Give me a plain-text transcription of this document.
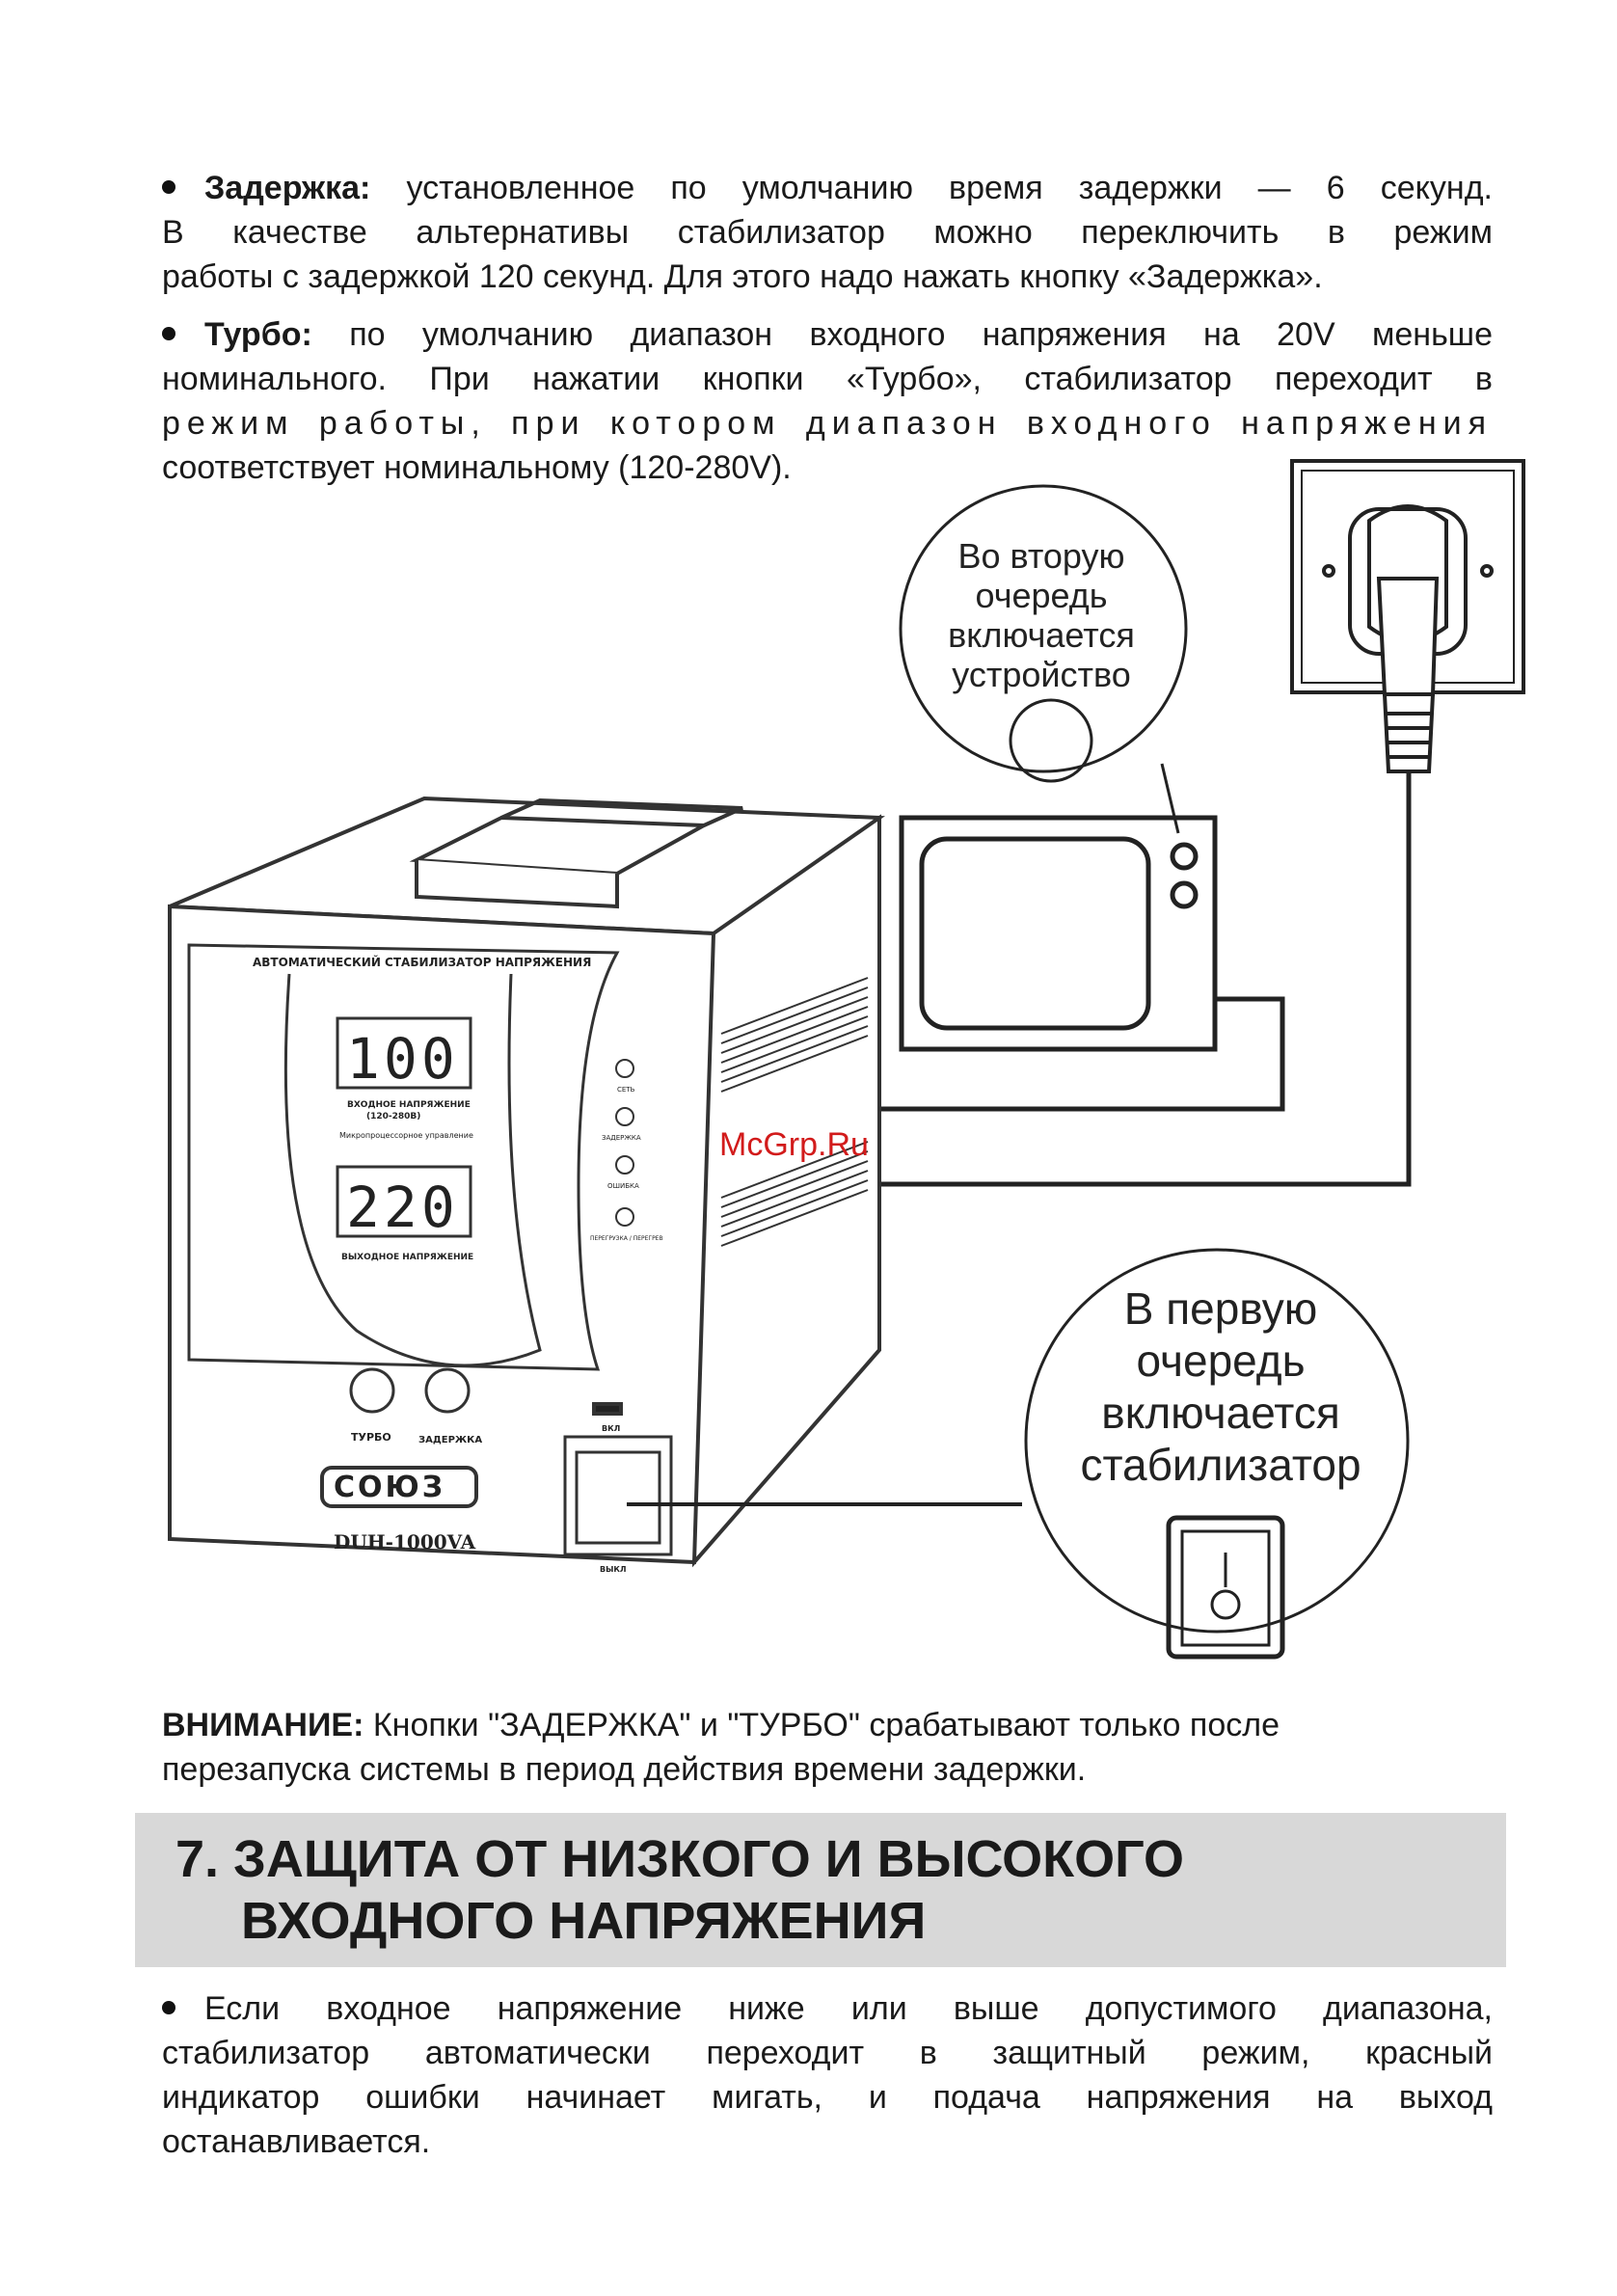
Задержка: установленное по умолчанию время задержки — 6 секунд.
В качестве альтернативы стабилизатор можно переключить в режим
работы с задержкой 120 секунд. Для этого надо нажать кнопку «Задержка».
Турбо: по умолчанию диапазон входного напряжения на 20V меньше
номинального. При нажатии кнопки «Турбо», стабилизатор переходит в
режим работы, при котором диапазон входного напряжения
соответствует номинальному (120-280V).
АВТОМАТИЧЕСКИЙ СТАБИЛИЗАТОР НАПРЯЖЕНИЯ
100
ВХОДНОЕ НАПРЯЖЕНИЕ
(120-280В)
Микропроцессорное управление
220
ВЫХОДНОЕ НАПРЯЖЕНИЕ
СЕТЬ
ЗАДЕРЖКА
ОШИБКА
ПЕРЕГРУЗКА / ПЕРЕГРЕВ
ТУРБО	ЗАДЕРЖКА
СОЮЗ
DUH-1000VA
ВКЛ
ВЫКЛ
Во вторую
очередь
включается
устройство
В первую
очередь
включается
стабилизатор
McGrp.Ru
ВНИМАНИЕ: Кнопки "ЗАДЕРЖКА" и "ТУРБО" срабатывают только после
перезапуска системы в период действия времени задержки.
7. ЗАЩИТА ОТ НИЗКОГО И ВЫСОКОГО
ВХОДНОГО НАПРЯЖЕНИЯ
Если входное напряжение ниже или выше допустимого диапазона,
стабилизатор автоматически переходит в защитный режим, красный
индикатор ошибки начинает мигать, и подача напряжения на выход
останавливается.
